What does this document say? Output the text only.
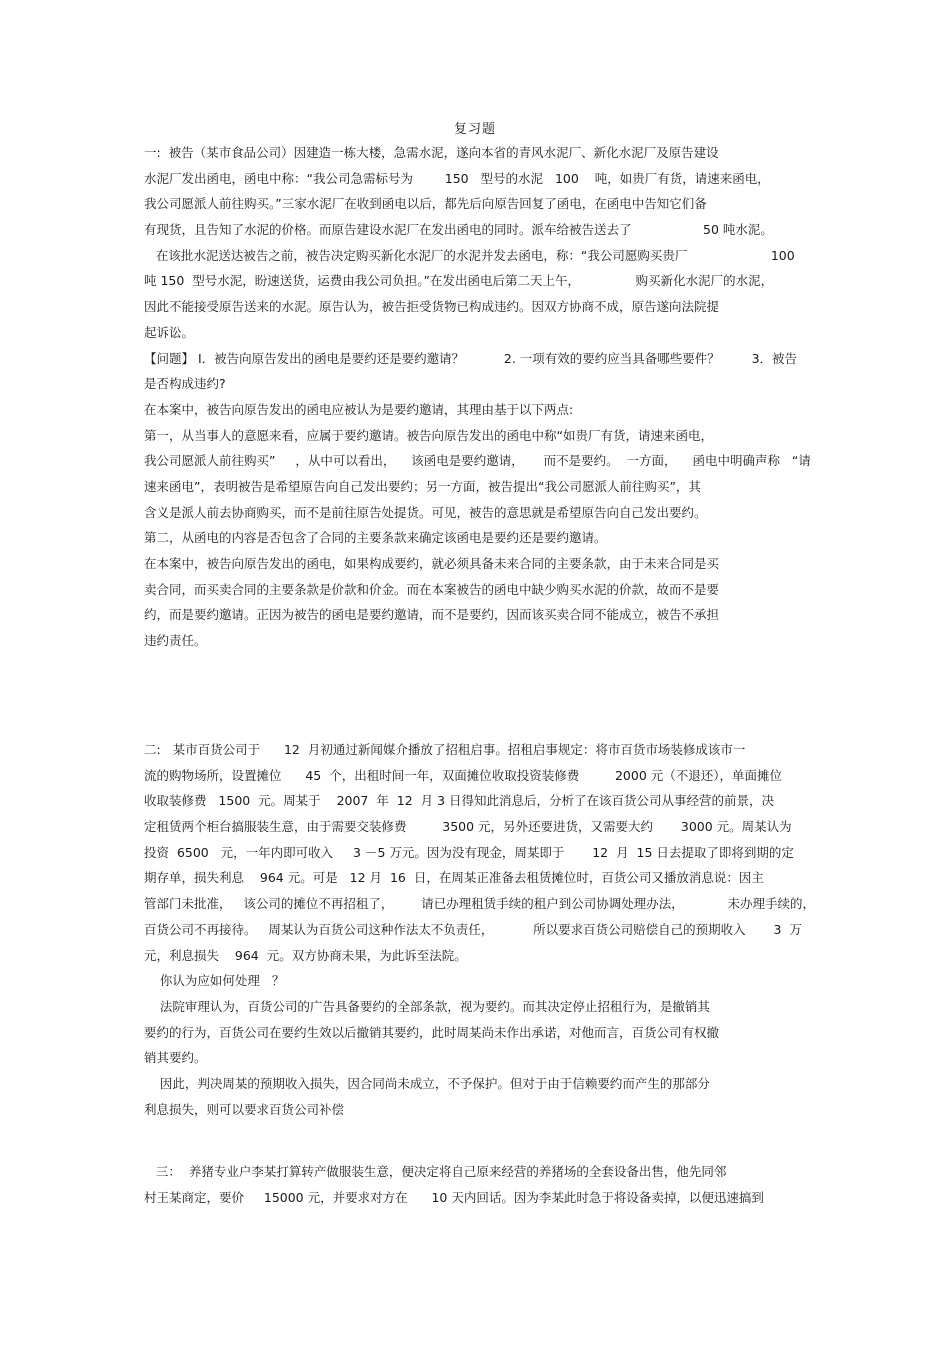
复习题
一:  被告（某市食品公司）因建造一栋大楼，急需水泥，遂向本省的青风水泥厂、新化水泥厂及原告建设
水泥厂发出函电，函电中称：“我公司急需标号为        150   型号的水泥   100    吨，如贵厂有货，请速来函电，
我公司愿派人前往购买。”三家水泥厂在收到函电以后，都先后向原告回复了函电，在函电中告知它们备
有现货，且告知了水泥的价格。而原告建设水泥厂在发出函电的同时。派车给被告送去了                  50 吨水泥。
在该批水泥送达被告之前，被告决定购买新化水泥厂的水泥并发去函电，称：“我公司愿购买贵厂                     100
吨 150  型号水泥，盼速送货，运费由我公司负担。”在发出函电后第二天上午，              购买新化水泥厂的水泥，
因此不能接受原告送来的水泥。原告认为，被告拒受货物已构成违约。因双方协商不成，原告遂向法院提
起诉讼。
【问题】 I．被告向原告发出的函电是要约还是要约邀请？          2. 一项有效的要约应当具备哪些要件？        3．被告
是否构成违约?
在本案中，被告向原告发出的函电应被认为是要约邀请，其理由基于以下两点:
第一，从当事人的意愿来看，应属于要约邀请。被告向原告发出的函电中称“如贵厂有货，请速来函电，
我公司愿派人前往购买”     ，从中可以看出，    该函电是要约邀请，     而不是要约。  一方面，    函电中明确声称   “请
速来函电”，表明被告是希望原告向自己发出要约；另一方面，被告提出“我公司愿派人前往购买”，其
含义是派人前去协商购买，而不是前往原告处提货。可见，被告的意思就是希望原告向自己发出要约。
第二，从函电的内容是否包含了合同的主要条款来确定该函电是要约还是要约邀请。
在本案中，被告向原告发出的函电，如果构成要约，就必须具备未来合同的主要条款，由于未来合同是买
卖合同，而买卖合同的主要条款是价款和价金。而在本案被告的函电中缺少购买水泥的价款，故而不是要
约，而是要约邀请。正因为被告的函电是要约邀请，而不是要约，因而该买卖合同不能成立，被告不承担
违约责任。
二:   某市百货公司于      12  月初通过新闻媒介播放了招租启事。招租启事规定：将市百货市场装修成该市一
流的购物场所，设置摊位      45  个，出租时间一年，双面摊位收取投资装修费         2000 元（不退还），单面摊位
收取装修费   1500  元。周某于    2007  年  12  月 3 日得知此消息后，分析了在该百货公司从事经营的前景，决
定租赁两个柜台搞服装生意，由于需要交装修费         3500 元，另外还要进货，又需要大约       3000 元。周某认为
投资  6500   元，一年内即可收入     3 －5 万元。因为没有现金，周某即于       12  月  15 日去提取了即将到期的定
期存单，损失利息    964 元。可是   12 月  16  日，在周某正准备去租赁摊位时，百货公司又播放消息说：因主
管部门未批准，   该公司的摊位不再招租了，       请已办理租赁手续的租户到公司协调处理办法，           未办理手续的，
百货公司不再接待。   周某认为百货公司这种作法太不负责任，          所以要求百货公司赔偿自己的预期收入       3  万
元，利息损失    964  元。双方协商未果，为此诉至法院。
你认为应如何处理   ？
法院审理认为，百货公司的广告具备要约的全部条款，视为要约。而其决定停止招租行为，是撤销其
要约的行为，百货公司在要约生效以后撤销其要约，此时周某尚未作出承诺，对他而言，百货公司有权撤
销其要约。
因此，判决周某的预期收入损失，因合同尚未成立，不予保护。但对于由于信赖要约而产生的那部分
利息损失，则可以要求百货公司补偿
三：  养猪专业户李某打算转产做服装生意，便决定将自己原来经营的养猪场的全套设备出售，他先同邻
村王某商定，要价     15000 元，并要求对方在      10 天内回话。因为李某此时急于将设备卖掉，以便迅速搞到
